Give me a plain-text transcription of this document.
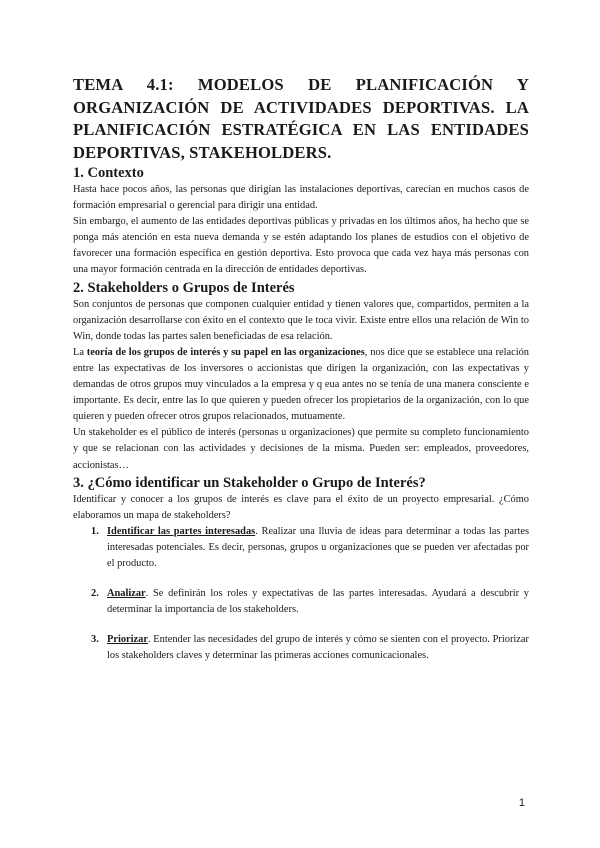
TEMA 4.1: MODELOS DE PLANIFICACIÓN Y ORGANIZACIÓN DE ACTIVIDADES DEPORTIVAS. LA PLANIFICACIÓN ESTRATÉGICA EN LAS ENTIDADES DEPORTIVAS, STAKEHOLDERS.
1. Contexto

Hasta hace pocos años, las personas que dirigían las instalaciones deportivas, carecían en muchos casos de formación empresarial o gerencial para dirigir una entidad.

Sin embargo, el aumento de las entidades deportivas públicas y privadas en los últimos años, ha hecho que se ponga más atención en esta nueva demanda y se estén adaptando los planes de estudios con el objetivo de favorecer una formación específica en gestión deportiva. Esto provoca que cada vez haya más personas con una mayor formación centrada en la dirección de entidades deportivas.

2. Stakeholders o Grupos de Interés

Son conjuntos de personas que componen cualquier entidad y tienen valores que, compartidos, permiten a la organización desarrollarse con éxito en el contexto que le toca vivir. Existe entre ellos una relación de Win to Win, donde todas las partes salen beneficiadas de esa relación.

La teoría de los grupos de interés y su papel en las organizaciones, nos dice que se establece una relación entre las expectativas de los inversores o accionistas que dirigen la organización, con las expectativas y demandas de otros grupos muy vinculados a la empresa y q eua antes no se tenía de una manera consciente e importante. Es decir, entre las lo que quieren y pueden ofrecer los propietarios de la organización, con lo que quieren y pueden ofrecer otros grupos relacionados, mutuamente.

Un stakeholder es el público de interés (personas u organizaciones) que permite su completo funcionamiento y que se relacionan con las actividades y decisiones de la misma. Pueden ser: empleados, proveedores, accionistas…

3. ¿Cómo identificar un Stakeholder o Grupo de Interés?

Identificar y conocer a los grupos de interés es clave para el éxito de un proyecto empresarial. ¿Cómo elaboramos un mapa de stakeholders?

1. Identificar las partes interesadas. Realizar una lluvia de ideas para determinar a todas las partes interesadas potenciales. Es decir, personas, grupos u organizaciones que se pueden ver afectadas por el producto.
2. Analizar. Se definirán los roles y expectativas de las partes interesadas. Ayudará a descubrir y determinar la importancia de los stakeholders.
3. Priorizar. Entender las necesidades del grupo de interés y cómo se sienten con el proyecto. Priorizar los stakeholders claves y determinar las primeras acciones comunicacionales.
1
